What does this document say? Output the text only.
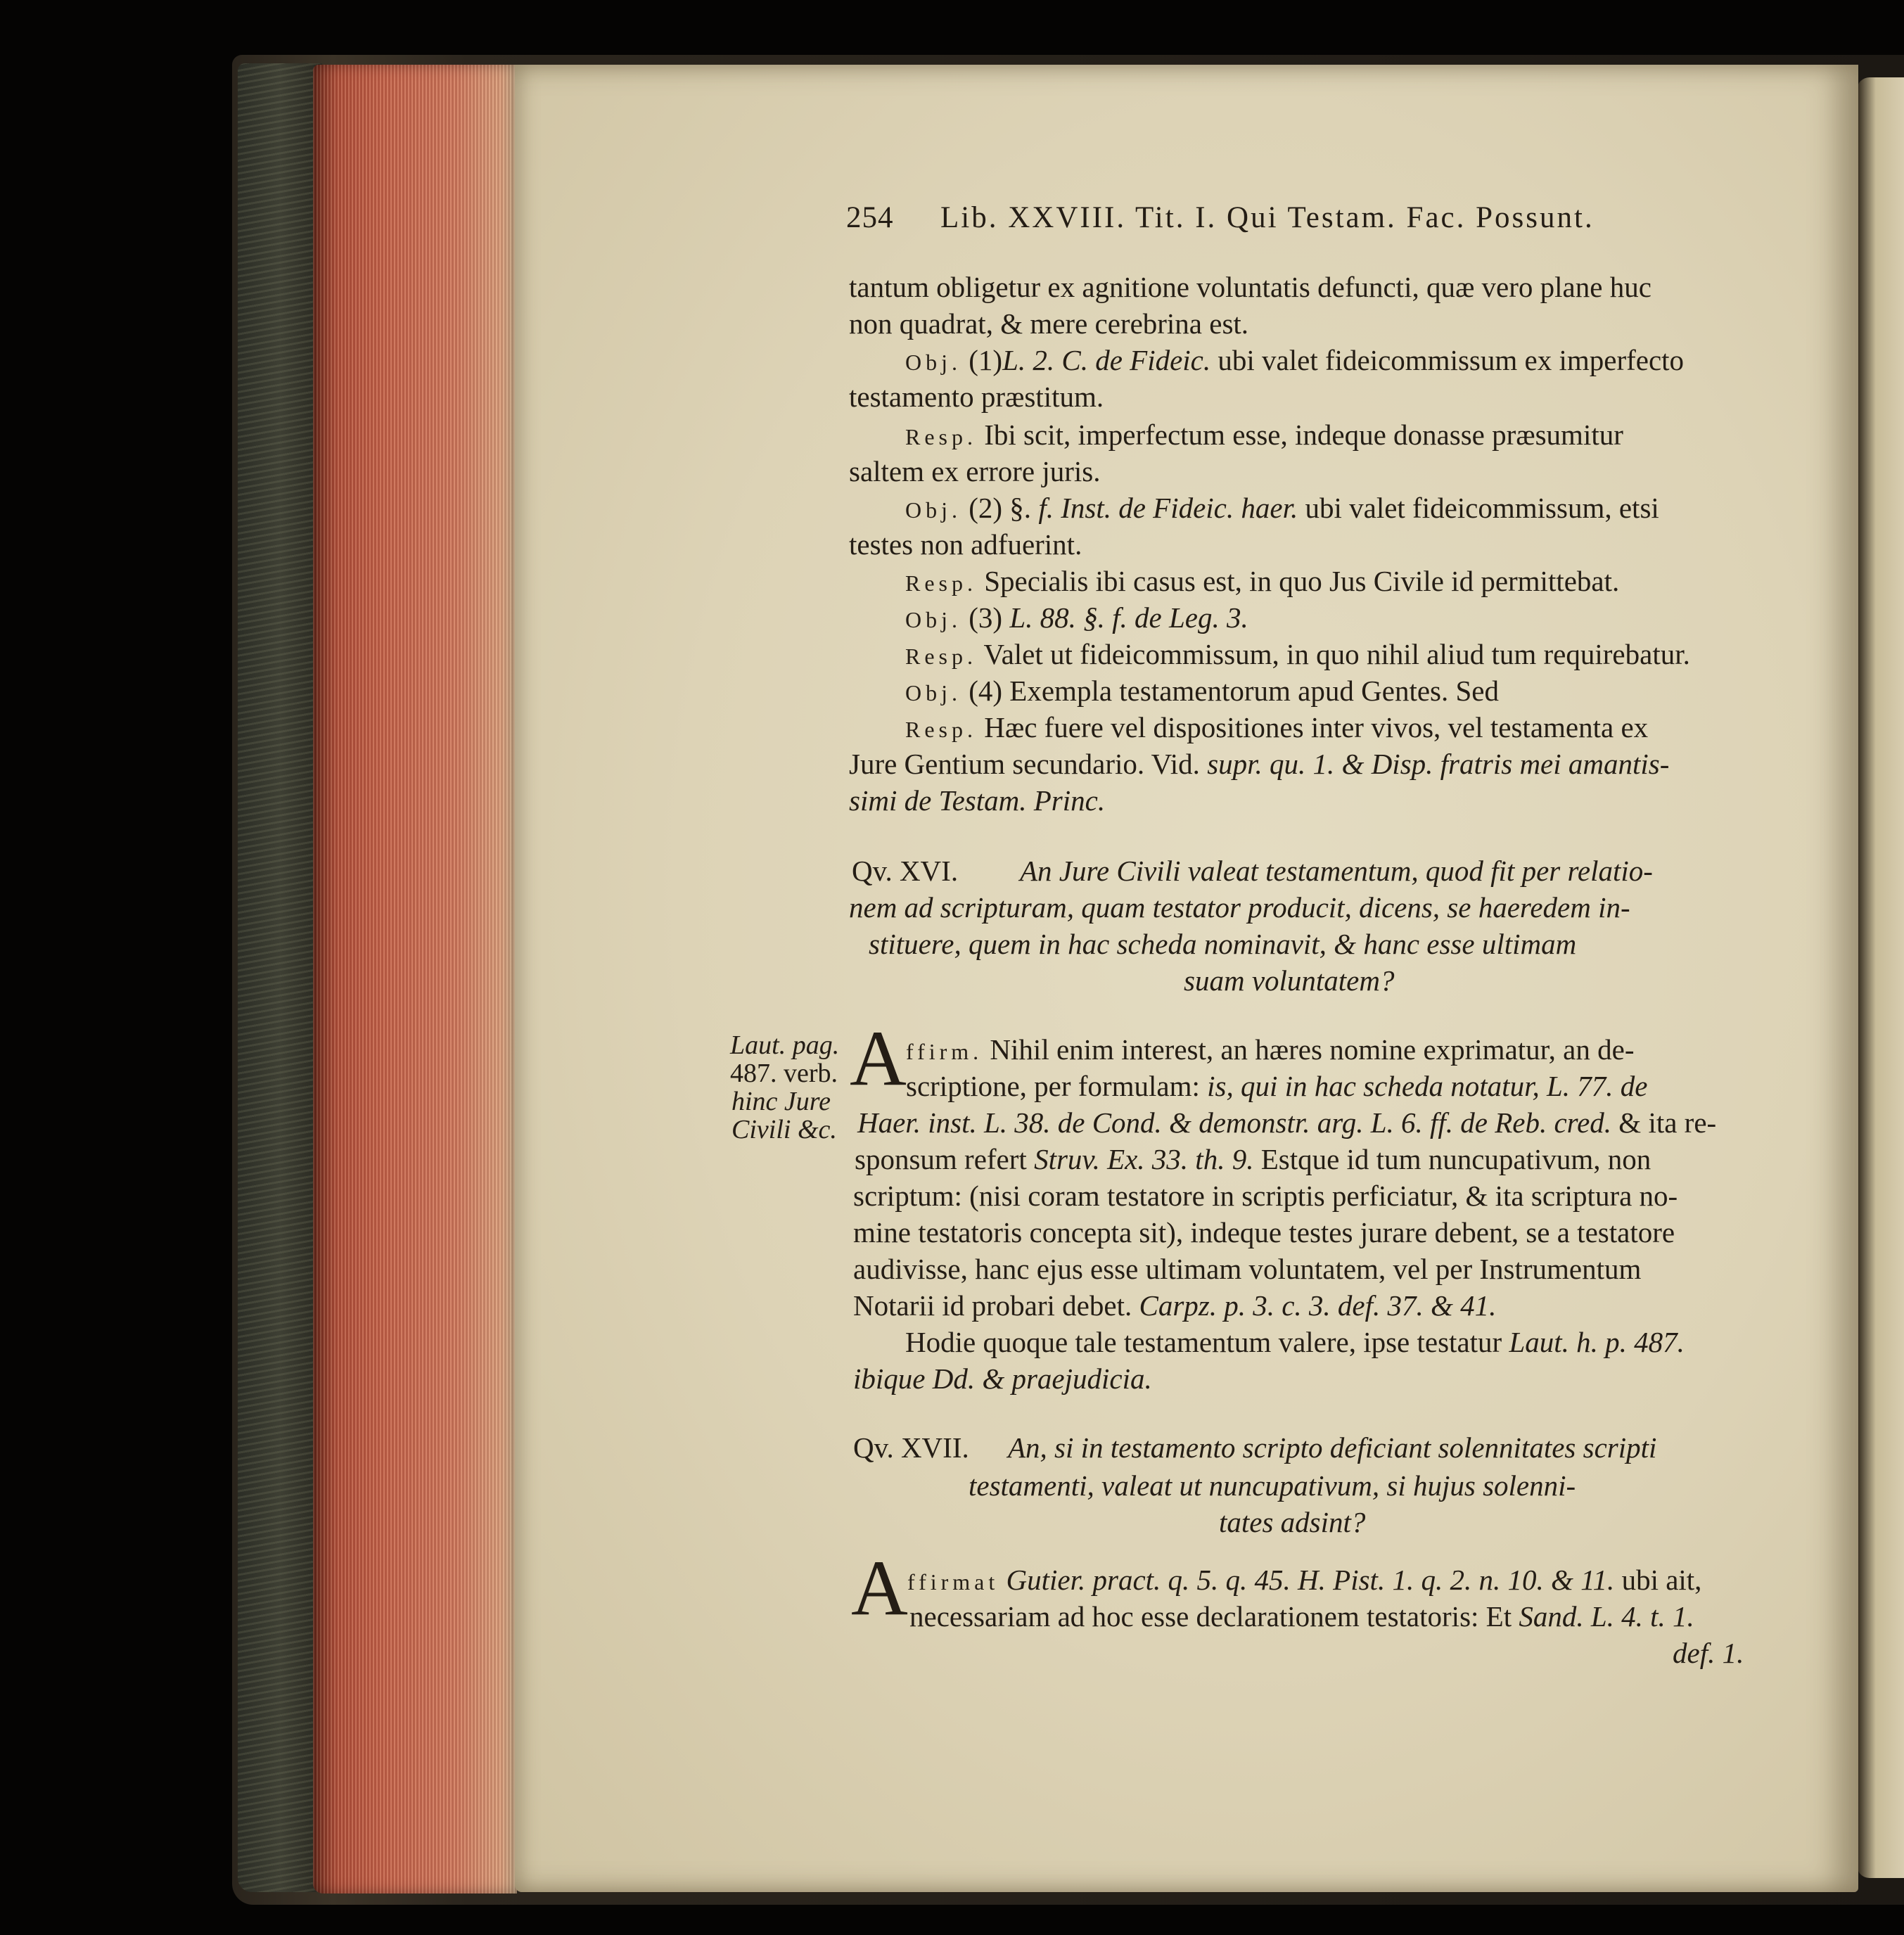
254 Lib. XXVIII. Tit. I. Qui Testam. Fac. Possunt.
tantum obligetur ex agnitione voluntatis defuncti, quæ vero plane huc
non quadrat, & mere cerebrina est.
Obj. (1)L. 2. C. de Fideic. ubi valet fideicommissum ex imperfecto
testamento præstitum.
Resp. Ibi scit, imperfectum esse, indeque donasse præsumitur
saltem ex errore juris.
Obj. (2) §. f. Inst. de Fideic. haer. ubi valet fideicommissum, etsi
testes non adfuerint.
Resp. Specialis ibi casus est, in quo Jus Civile id permittebat.
Obj. (3) L. 88. §. f. de Leg. 3.
Resp. Valet ut fideicommissum, in quo nihil aliud tum requirebatur.
Obj. (4) Exempla testamentorum apud Gentes. Sed
Resp. Hæc fuere vel dispositiones inter vivos, vel testamenta ex
Jure Gentium secundario. Vid. supr. qu. 1. & Disp. fratris mei amantis-
simi de Testam. Princ.
Qv. XVI. An Jure Civili valeat testamentum, quod fit per relatio-
nem ad scripturam, quam testator producit, dicens, se haeredem in-
stituere, quem in hac scheda nominavit, & hanc esse ultimam
suam voluntatem?
Laut. pag.
487. verb.
hinc Jure
Civili &c.
A ffirm. Nihil enim interest, an hæres nomine exprimatur, an de-
scriptione, per formulam: is, qui in hac scheda notatur, L. 77. de
Haer. inst. L. 38. de Cond. & demonstr. arg. L. 6. ff. de Reb. cred. & ita re-
sponsum refert Struv. Ex. 33. th. 9. Estque id tum nuncupativum, non
scriptum: (nisi coram testatore in scriptis perficiatur, & ita scriptura no-
mine testatoris concepta sit), indeque testes jurare debent, se a testatore
audivisse, hanc ejus esse ultimam voluntatem, vel per Instrumentum
Notarii id probari debet. Carpz. p. 3. c. 3. def. 37. & 41.
Hodie quoque tale testamentum valere, ipse testatur Laut. h. p. 487.
ibique Dd. & praejudicia.
Qv. XVII. An, si in testamento scripto deficiant solennitates scripti
testamenti, valeat ut nuncupativum, si hujus solenni-
tates adsint?
A ffirmat Gutier. pract. q. 5. q. 45. H. Pist. 1. q. 2. n. 10. & 11. ubi ait,
necessariam ad hoc esse declarationem testatoris: Et Sand. L. 4. t. 1.
def. 1.
